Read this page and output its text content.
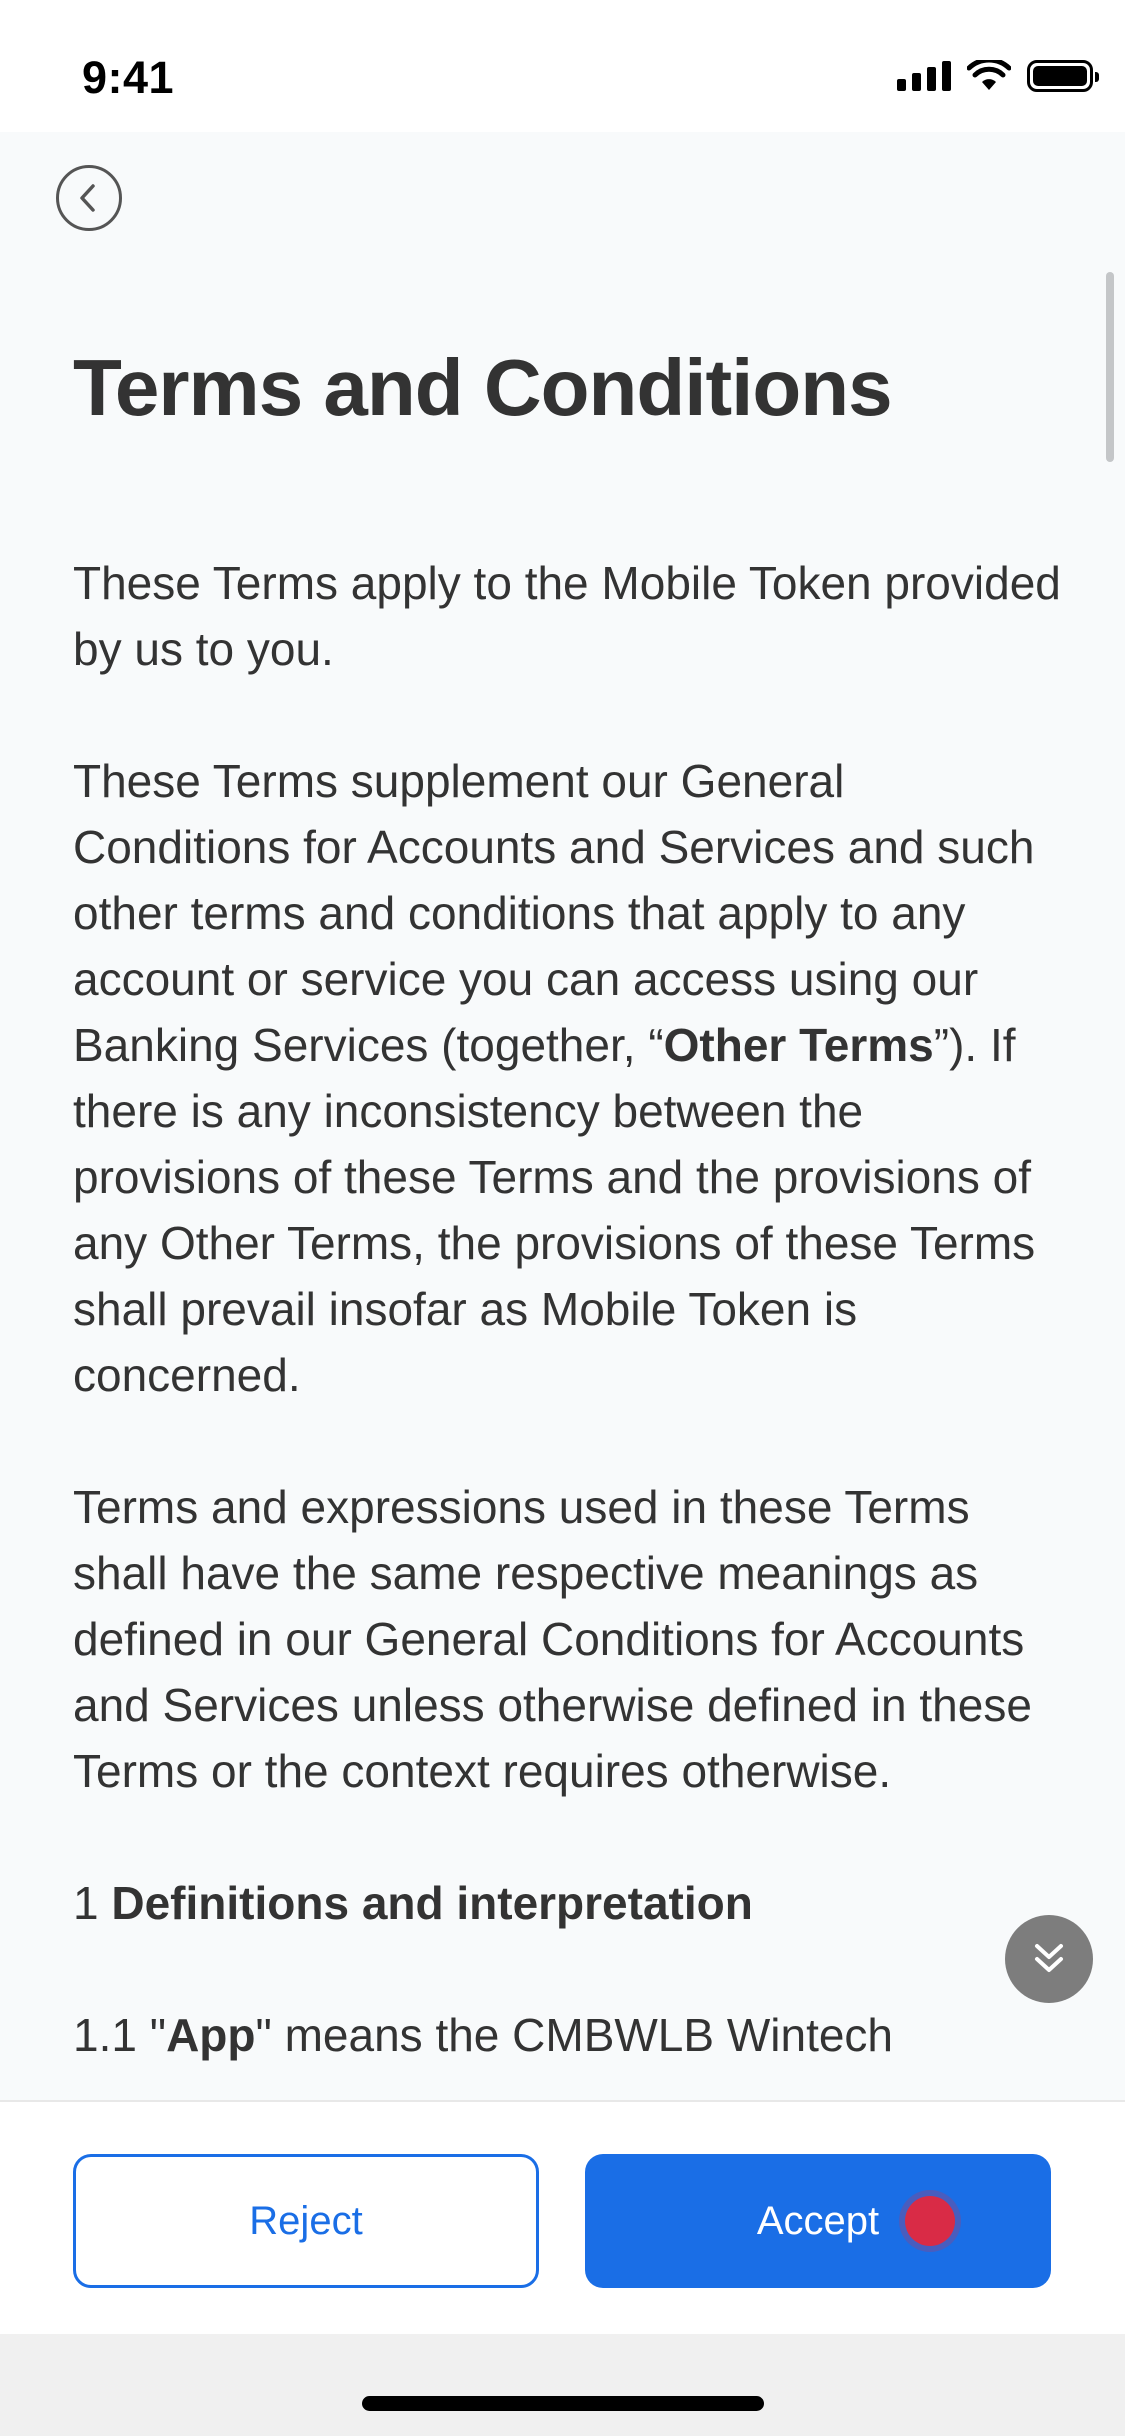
9:41
Terms and Conditions

These Terms apply to the Mobile Token provided by us to you.

These Terms supplement our General Conditions for Accounts and Services and such other terms and conditions that apply to any account or service you can access using our Banking Services (together, “Other Terms”). If there is any inconsistency between the provisions of these Terms and the provisions of any Other Terms, the provisions of these Terms shall prevail insofar as Mobile Token is concerned.

Terms and expressions used in these Terms shall have the same respective meanings as defined in our General Conditions for Accounts and Services unless otherwise defined in these Terms or the context requires otherwise.

1 Definitions and interpretation

1.1 "App" means the CMBWLB Wintech

Reject	Accept
